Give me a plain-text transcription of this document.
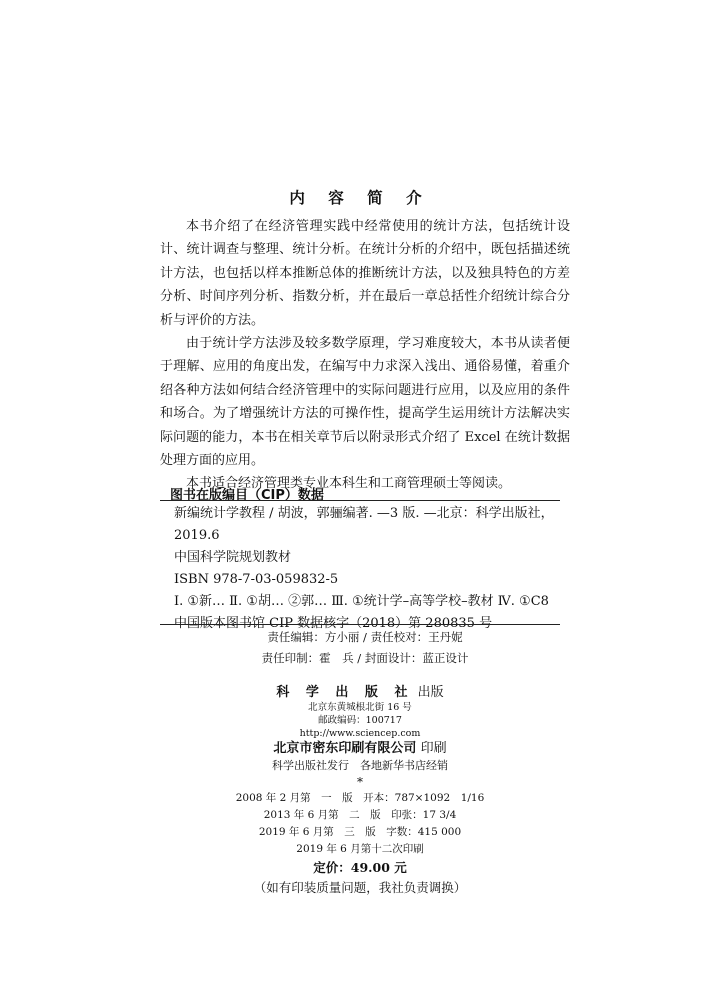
内 容 简 介

本书介绍了在经济管理实践中经常使用的统计方法，包括统计设计、统计调查与整理、统计分析。在统计分析的介绍中，既包括描述统计方法，也包括以样本推断总体的推断统计方法，以及独具特色的方差分析、时间序列分析、指数分析，并在最后一章总括性介绍统计综合分析与评价的方法。

由于统计学方法涉及较多数学原理，学习难度较大，本书从读者便于理解、应用的角度出发，在编写中力求深入浅出、通俗易懂，着重介绍各种方法如何结合经济管理中的实际问题进行应用，以及应用的条件和场合。为了增强统计方法的可操作性，提高学生运用统计方法解决实际问题的能力，本书在相关章节后以附录形式介绍了 Excel 在统计数据处理方面的应用。

本书适合经济管理类专业本科生和工商管理硕士等阅读。

图书在版编目（CIP）数据
新编统计学教程 / 胡波，郭骊编著. —3 版. —北京：科学出版社，2019.6
中国科学院规划教材
ISBN 978-7-03-059832-5
Ⅰ. ①新… Ⅱ. ①胡… ②郭… Ⅲ. ①统计学–高等学校–教材 Ⅳ. ①C8
中国版本图书馆 CIP 数据核字（2018）第 280835 号
责任编辑：方小丽 / 责任校对：王丹妮
责任印制：霍　兵 / 封面设计：蓝正设计
科 学 出 版 社 出版
北京东黄城根北街 16 号
邮政编码：100717
http://www.sciencep.com
北京市密东印刷有限公司 印刷
科学出版社发行　各地新华书店经销
*
2008 年 2 月第　一　版　开本：787×1092　1/16
2013 年 6 月第　二　版　印张：17 3/4
2019 年 6 月第　三　版　字数：415 000
2019 年 6 月第十二次印刷
定价：49.00 元
（如有印装质量问题，我社负责调换）
